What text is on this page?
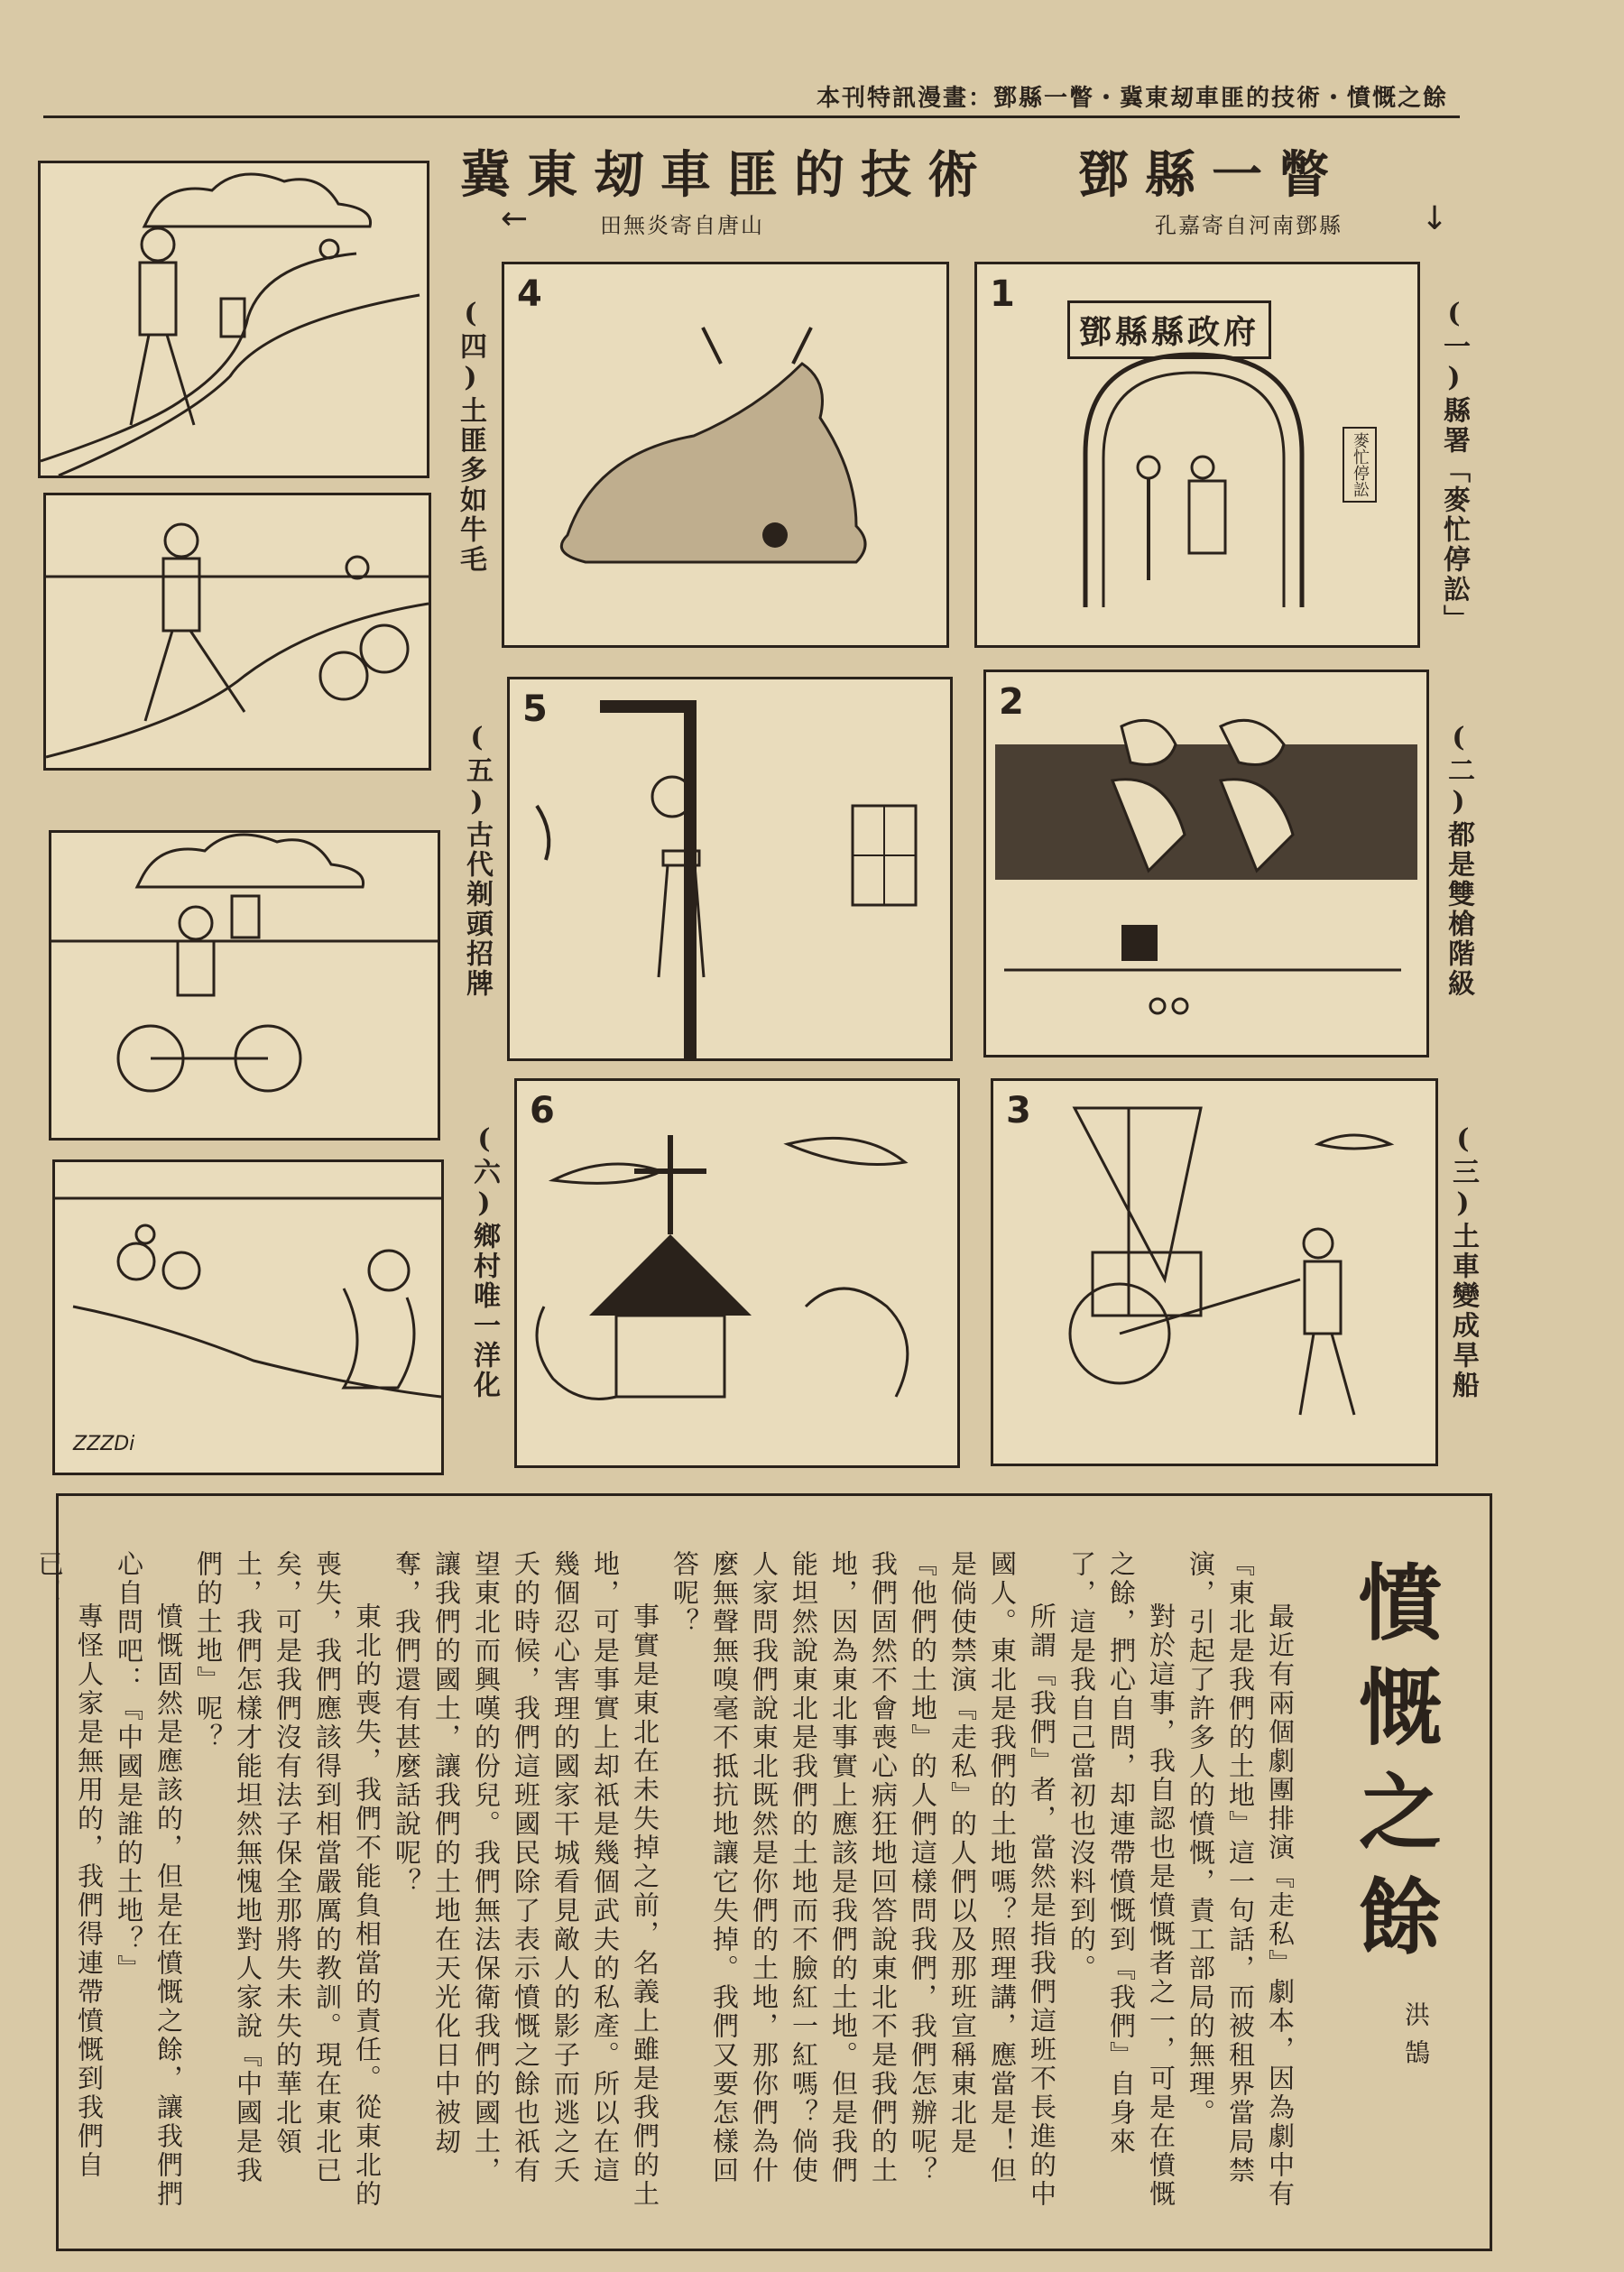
本刊特訊漫畫：鄧縣一瞥・冀東刼車匪的技術・憤慨之餘
鄧縣一瞥
孔嘉寄自河南鄧縣 ↓
冀東刼車匪的技術
田無炎寄自唐山
←
ZZZDi
4
5
6
1
鄧縣縣政府
麥忙停訟
2
3
(一)縣署「麥忙停訟」
(二)都是雙槍階級
(三)土車變成旱船
(四)土匪多如牛毛
(五)古代剃頭招牌
(六)鄉村唯一洋化
憤慨之餘
洪鵠

最近有兩個劇團排演『走私』劇本，因為劇中有『東北是我們的土地』這一句話，而被租界當局禁演，引起了許多人的憤慨，責工部局的無理。

對於這事，我自認也是憤慨者之一，可是在憤慨之餘，捫心自問，却連帶憤慨到『我們』自身來了，這是我自己當初也沒料到的。

所謂『我們』者，當然是指我們這班不長進的中國人。東北是我們的土地嗎？照理講，應當是！但是倘使禁演『走私』的人們以及那班宣稱東北是『他們的土地』的人們這樣問我們，我們怎辦呢？我們固然不會喪心病狂地回答說東北不是我們的土地，因為東北事實上應該是我們的土地。但是我們能坦然說東北是我們的土地而不臉紅一紅嗎？倘使人家問我們說東北既然是你們的土地，那你們為什麼無聲無嗅毫不抵抗地讓它失掉。我們又要怎樣回答呢？

事實是東北在未失掉之前，名義上雖是我們的土地，可是事實上却祇是幾個武夫的私產。所以在這幾個忍心害理的國家干城看見敵人的影子而逃之夭夭的時候，我們這班國民除了表示憤慨之餘也祇有望東北而興嘆的份兒。我們無法保衛我們的國土，讓我們的國土，讓我們的土地在天光化日中被刼奪，我們還有甚麼話說呢？

東北的喪失，我們不能負相當的責任。從東北的喪失，我們應該得到相當嚴厲的教訓。現在東北已矣，可是我們沒有法子保全那將失未失的華北領土，我們怎樣才能坦然無愧地對人家說『中國是我們的土地』呢？

憤慨固然是應該的，但是在憤慨之餘，讓我們捫心自問吧：『中國是誰的土地？』

專怪人家是無用的，我們得連帶憤慨到我們自已！
